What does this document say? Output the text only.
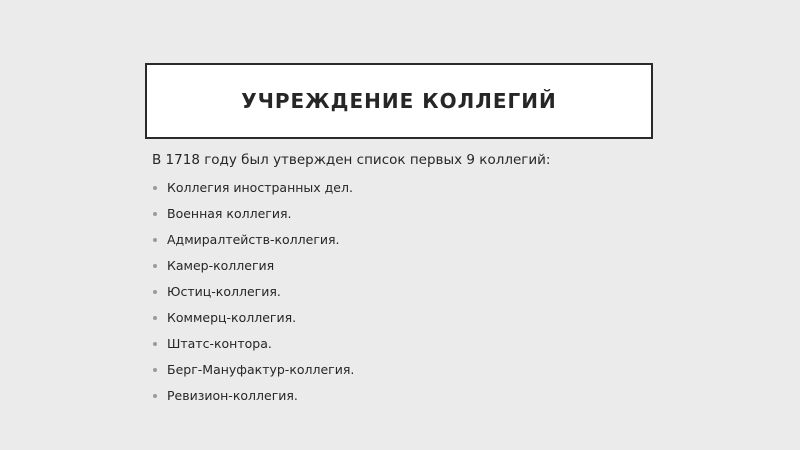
УЧРЕЖДЕНИЕ КОЛЛЕГИЙ
В 1718 году был утвержден список первых 9 коллегий:
Коллегия иностранных дел.
Военная коллегия.
Адмиралтейств-коллегия.
Камер-коллегия
Юстиц-коллегия.
Коммерц-коллегия.
Штатс-контора.
Берг-Мануфактур-коллегия.
Ревизион-коллегия.
